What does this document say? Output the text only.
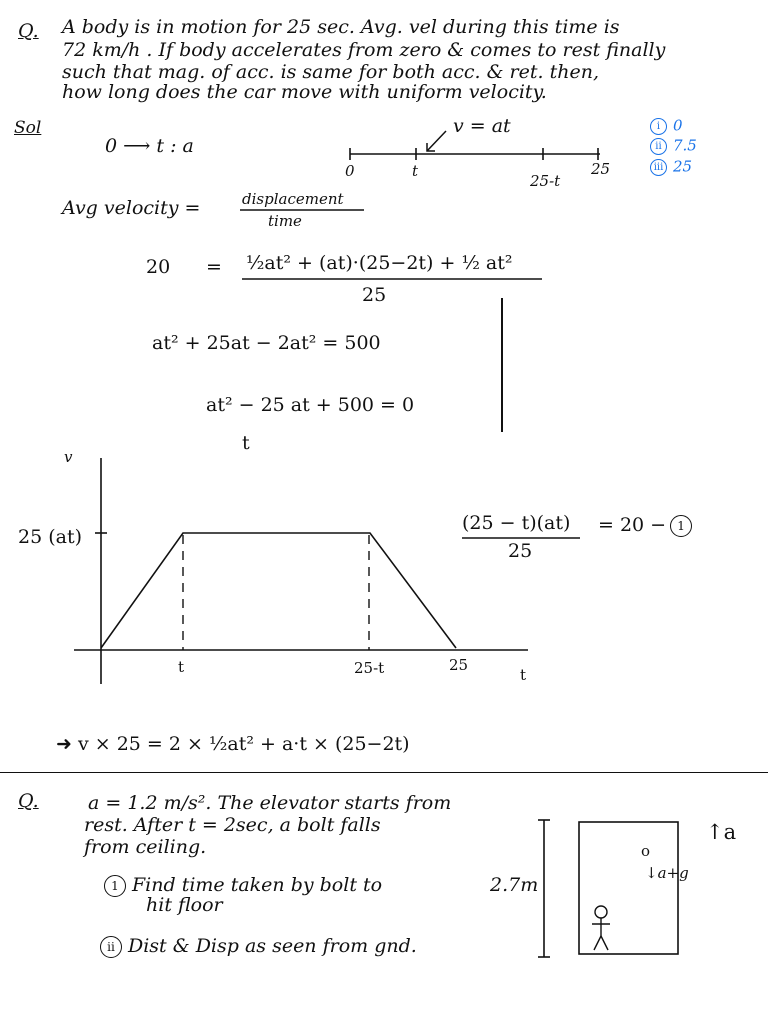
Q. A body is in motion for 25 sec. Avg. vel during this time is
72 km/h . If body accelerates from zero & comes to rest finally
such that mag. of acc. is same for both acc. & ret. then,
how long does the car move with uniform velocity.
Sol
0 ⟶ t : a
v = at
0	t
25-t
25
i 0
ii 7.5
iii 25
Avg velocity =	displacement
time
20 = ½at² + (at)·(25−2t) + ½ at²
25
at² + 25at − 2at² = 500
at² − 25 at + 500 = 0
t
v
25 (at)
t	25-t	25
t
(25 − t)(at) = 20 − 1
25
➜ v × 25 = 2 × ½at² + a·t × (25−2t)
Q.	a = 1.2 m/s². The elevator starts from
rest. After t = 2sec, a bolt falls
from ceiling.
1 Find time taken by bolt to
hit floor
2.7m
ii Dist & Disp as seen from gnd.
↑a
o
↓a+g
